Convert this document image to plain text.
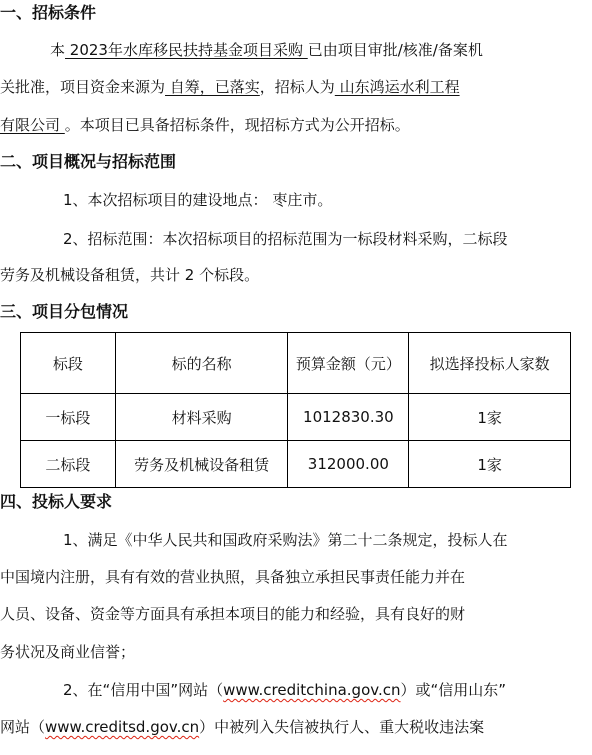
一、招标条件
本 2023年水库移民扶持基金项目采购 已由项目审批/核准/备案机
关批准，项目资金来源为 自筹，已落实，招标人为 山东鸿运水利工程
有限公司 。本项目已具备招标条件，现招标方式为公开招标。
二、项目概况与招标范围
1、本次招标项目的建设地点： 枣庄市。
2、招标范围：本次招标项目的招标范围为一标段材料采购，二标段
劳务及机械设备租赁，共计 2 个标段。
三、项目分包情况
标段	标的名称	预算金额（元）	拟选择投标人家数
一标段	材料采购	1012830.30	1家
二标段	劳务及机械设备租赁	312000.00	1家
四、投标人要求
1、满足《中华人民共和国政府采购法》第二十二条规定，投标人在
中国境内注册，具有有效的营业执照，具备独立承担民事责任能力并在
人员、设备、资金等方面具有承担本项目的能力和经验，具有良好的财
务状况及商业信誉；
2、在“信用中国”网站（www.creditchina.gov.cn）或“信用山东”
网站（www.creditsd.gov.cn）中被列入失信被执行人、重大税收违法案
